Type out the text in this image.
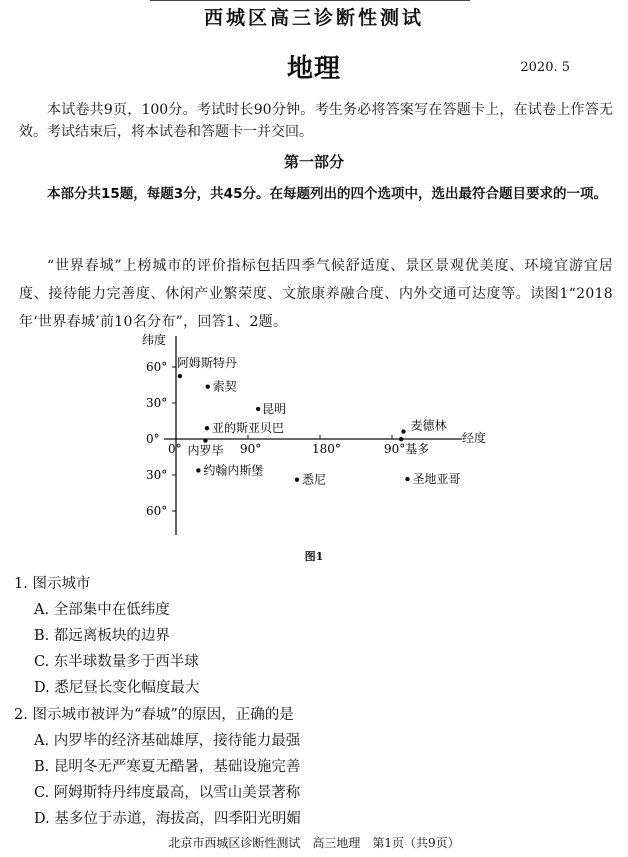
西城区高三诊断性测试
地理	2020. 5
本试卷共9页，100分。考试时长90分钟。考生务必将答案写在答题卡上，在试卷上作答无效。考试结束后，将本试卷和答题卡一并交回。
第一部分
本部分共15题，每题3分，共45分。在每题列出的四个选项中，选出最符合题目要求的一项。
“世界春城”上榜城市的评价指标包括四季气候舒适度、景区景观优美度、环境宜游宜居度、接待能力完善度、休闲产业繁荣度、文旅康养融合度、内外交通可达度等。读图1“2018年‘世界春城’前10名分布”，回答1、2题。
纬度
经度
60°
30°
0°
30°
60°
0°	90°	180°	90°
阿姆斯特丹
索契
昆明
亚的斯亚贝巴
内罗毕
约翰内斯堡
悉尼
麦德林
基多
圣地亚哥
图1
1. 图示城市
A. 全部集中在低纬度
B. 都远离板块的边界
C. 东半球数量多于西半球
D. 悉尼昼长变化幅度最大
2. 图示城市被评为“春城”的原因，正确的是
A. 内罗毕的经济基础雄厚，接待能力最强
B. 昆明冬无严寒夏无酷暑，基础设施完善
C. 阿姆斯特丹纬度最高，以雪山美景著称
D. 基多位于赤道，海拔高，四季阳光明媚
北京市西城区诊断性测试　高三地理　第1页（共9页）
